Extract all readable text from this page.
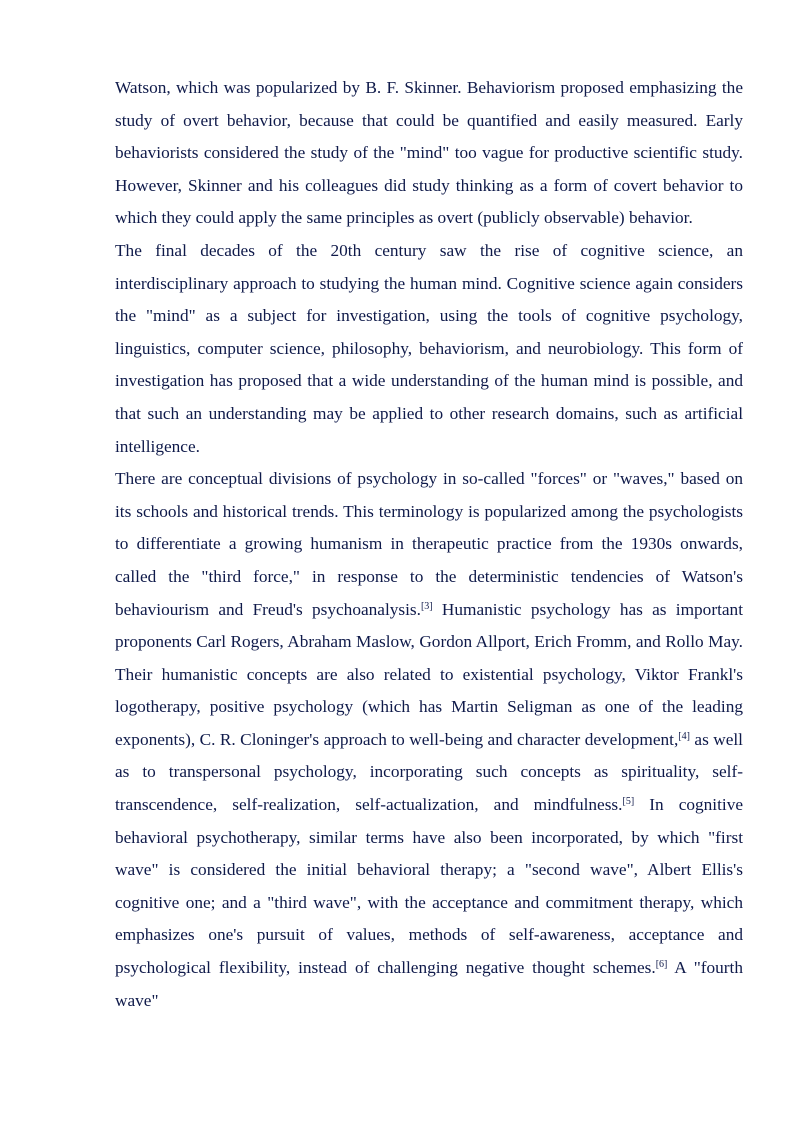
Watson, which was popularized by B. F. Skinner. Behaviorism proposed emphasizing the study of overt behavior, because that could be quantified and easily measured. Early behaviorists considered the study of the "mind" too vague for productive scientific study. However, Skinner and his colleagues did study thinking as a form of covert behavior to which they could apply the same principles as overt (publicly observable) behavior.

The final decades of the 20th century saw the rise of cognitive science, an interdisciplinary approach to studying the human mind. Cognitive science again considers the "mind" as a subject for investigation, using the tools of cognitive psychology, linguistics, computer science, philosophy, behaviorism, and neurobiology. This form of investigation has proposed that a wide understanding of the human mind is possible, and that such an understanding may be applied to other research domains, such as artificial intelligence.

There are conceptual divisions of psychology in so-called "forces" or "waves," based on its schools and historical trends. This terminology is popularized among the psychologists to differentiate a growing humanism in therapeutic practice from the 1930s onwards, called the "third force," in response to the deterministic tendencies of Watson's behaviourism and Freud's psychoanalysis.[3] Humanistic psychology has as important proponents Carl Rogers, Abraham Maslow, Gordon Allport, Erich Fromm, and Rollo May. Their humanistic concepts are also related to existential psychology, Viktor Frankl's logotherapy, positive psychology (which has Martin Seligman as one of the leading exponents), C. R. Cloninger's approach to well-being and character development,[4] as well as to transpersonal psychology, incorporating such concepts as spirituality, self-transcendence, self-realization, self-actualization, and mindfulness.[5] In cognitive behavioral psychotherapy, similar terms have also been incorporated, by which "first wave" is considered the initial behavioral therapy; a "second wave", Albert Ellis's cognitive one; and a "third wave", with the acceptance and commitment therapy, which emphasizes one's pursuit of values, methods of self-awareness, acceptance and psychological flexibility, instead of challenging negative thought schemes.[6] A "fourth wave"
